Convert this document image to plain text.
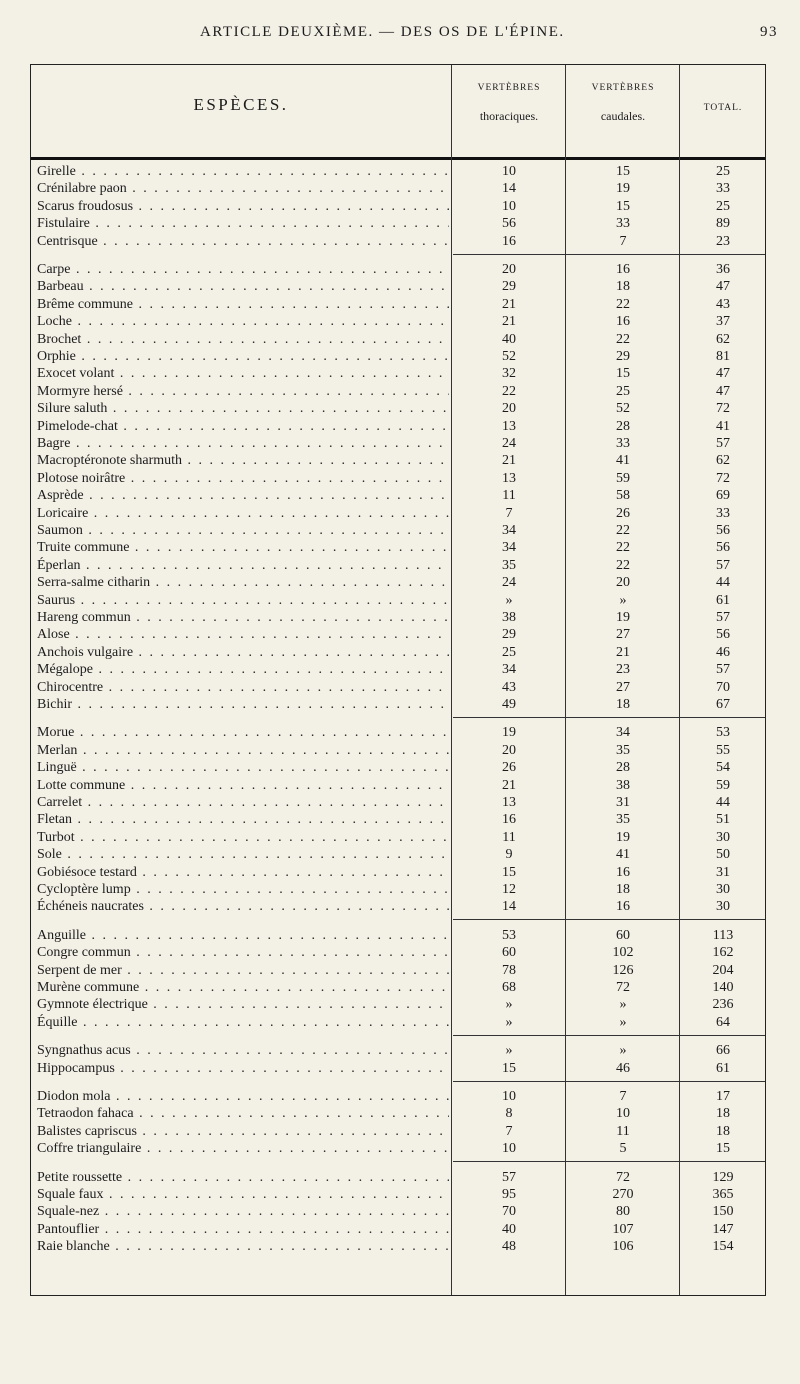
ARTICLE DEUXIÈME. — DES OS DE L'ÉPINE.	93
ESPÈCES.
VERTÈBRES
thoraciques.
VERTÈBRES
caudales.
TOTAL.
Girelle . . .	10	15	25
Crénilabre paon . . .	14	19	33
Scarus froudosus . . .	10	15	25
Fistulaire . . .	56	33	89
Centrisque . . .	16	7	23
Carpe . . .	20	16	36
Barbeau . . .	29	18	47
Brême commune . . .	21	22	43
Loche . . .	21	16	37
Brochet . . .	40	22	62
Orphie . . .	52	29	81
Exocet volant . . .	32	15	47
Mormyre hersé . . .	22	25	47
Silure saluth . . .	20	52	72
Pimelode-chat . . .	13	28	41
Bagre . . .	24	33	57
Macroptéronote sharmuth . . .	21	41	62
Plotose noirâtre . . .	13	59	72
Asprède . . .	11	58	69
Loricaire . . .	7	26	33
Saumon . . .	34	22	56
Truite commune . . .	34	22	56
Éperlan . . .	35	22	57
Serra-salme citharin . . .	24	20	44
Saurus . . .	»	»	61
Hareng commun . . .	38	19	57
Alose . . .	29	27	56
Anchois vulgaire . . .	25	21	46
Mégalope . . .	34	23	57
Chirocentre . . .	43	27	70
Bichir . . .	49	18	67
Morue . . .	19	34	53
Merlan . . .	20	35	55
Linguë . . .	26	28	54
Lotte commune . . .	21	38	59
Carrelet . . .	13	31	44
Fletan . . .	16	35	51
Turbot . . .	11	19	30
Sole . . .	9	41	50
Gobiésoce testard . . .	15	16	31
Cycloptère lump . . .	12	18	30
Échéneis naucrates . . .	14	16	30
Anguille . . .	53	60	113
Congre commun . . .	60	102	162
Serpent de mer . . .	78	126	204
Murène commune . . .	68	72	140
Gymnote électrique . . .	»	»	236
Équille . . .	»	»	64
Syngnathus acus . . .	»	»	66
Hippocampus . . .	15	46	61
Diodon mola . . .	10	7	17
Tetraodon fahaca . . .	8	10	18
Balistes capriscus . . .	7	11	18
Coffre triangulaire . . .	10	5	15
Petite roussette . . .	57	72	129
Squale faux . . .	95	270	365
Squale-nez . . .	70	80	150
Pantouflier . . .	40	107	147
Raie blanche . . .	48	106	154
